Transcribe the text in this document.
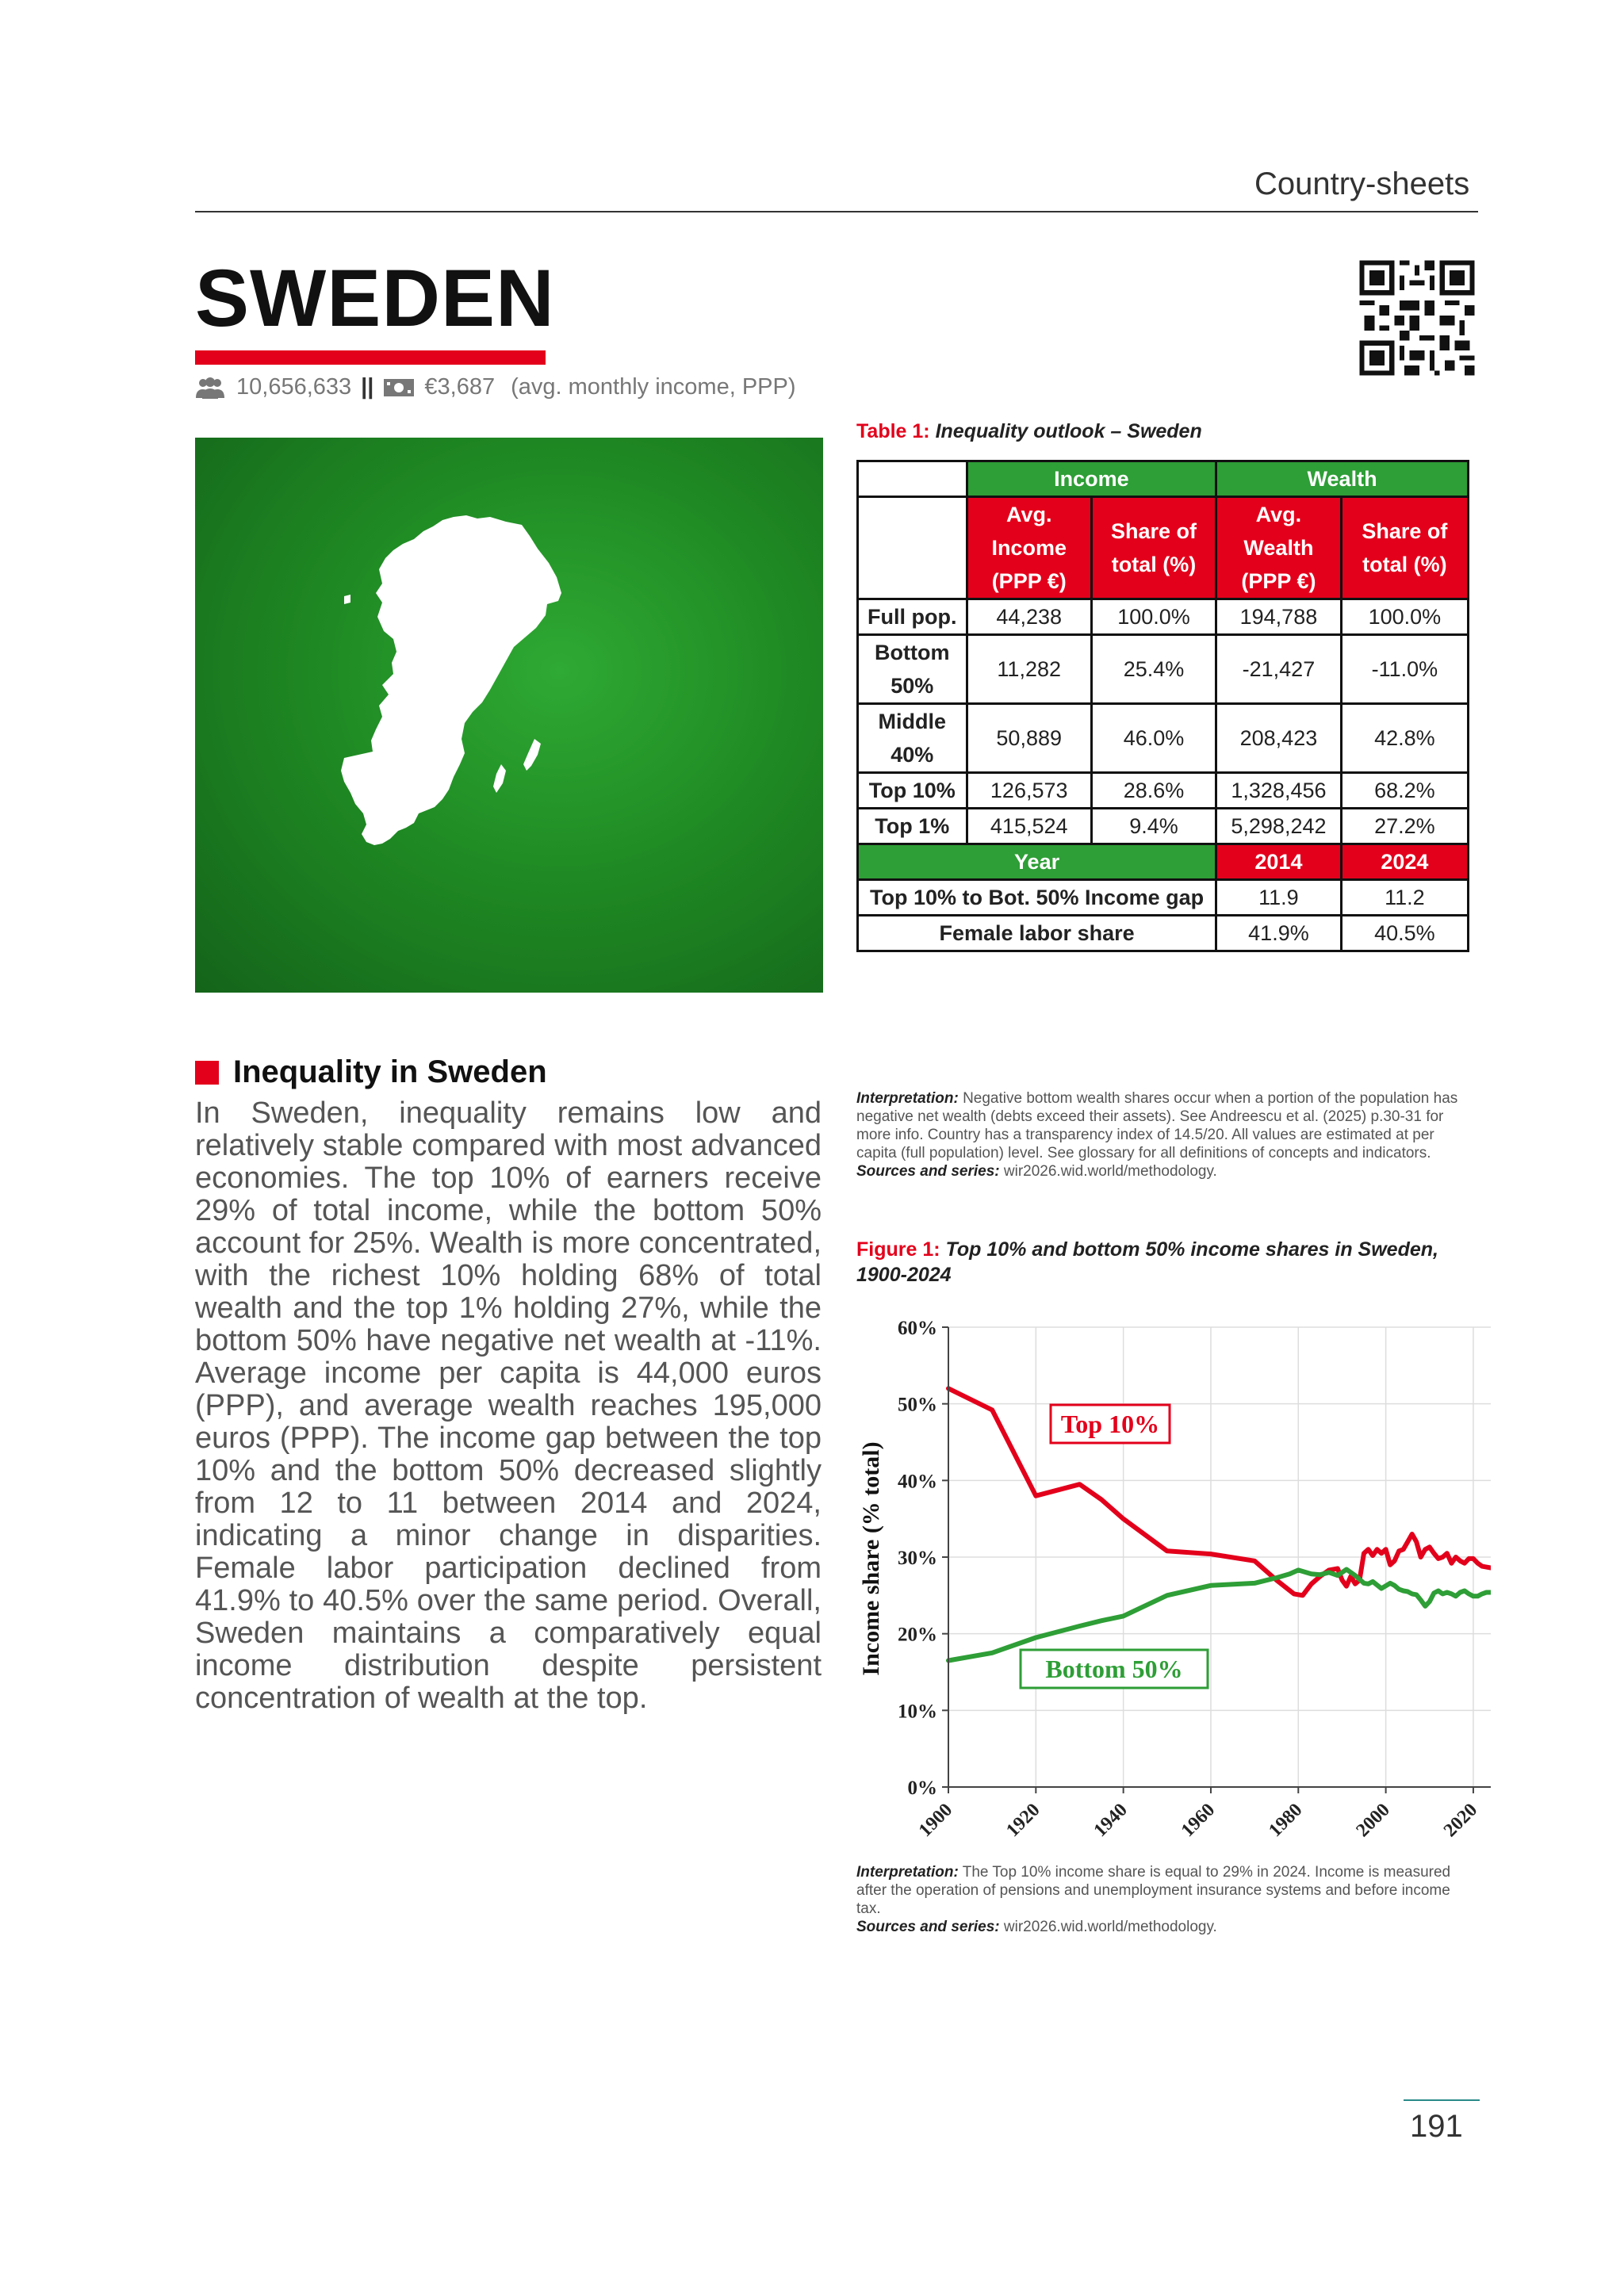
Country-sheets
SWEDEN
10,656,633 || €3,687 (avg. monthly income, PPP)
Inequality in Sweden
In Sweden, inequality remains low and relatively stable compared with most advanced economies. The top 10% of earners receive 29% of total income, while the bottom 50% account for 25%. Wealth is more concentrated, with the richest 10% holding 68% of total wealth and the top 1% holding 27%, while the bottom 50% have negative net wealth at -11%. Average income per capita is 44,000 euros (PPP), and average wealth reaches 195,000 euros (PPP). The income gap between the top 10% and the bottom 50% decreased slightly from 12 to 11 between 2014 and 2024, indicating a minor change in disparities. Female labor participation declined from 41.9% to 40.5% over the same period. Overall, Sweden maintains a comparatively equal income distribution despite persistent concentration of wealth at the top.
Table 1: Inequality outlook – Sweden
	Income		Wealth	
	Avg. Income (PPP €)	Share of total (%)	Avg. Wealth (PPP €)	Share of total (%)
Full pop.	44,238	100.0%	194,788	100.0%
Bottom 50%	11,282	25.4%	-21,427	-11.0%
Middle 40%	50,889	46.0%	208,423	42.8%
Top 10%	126,573	28.6%	1,328,456	68.2%
Top 1%	415,524	9.4%	5,298,242	27.2%
Year			2014	2024
Top 10% to Bot. 50% Income gap			11.9	11.2
Female labor share			41.9%	40.5%
Interpretation: Negative bottom wealth shares occur when a portion of the population has negative net wealth (debts exceed their assets). See Andreescu et al. (2025) p.30-31 for more info. Country has a transparency index of 14.5/20. All values are estimated at per capita (full population) level. See glossary for all definitions of concepts and indicators.
Sources and series: wir2026.wid.world/methodology.
Figure 1: Top 10% and bottom 50% income shares in Sweden,
1900-2024
0%
10%
20%
30%
40%
50%
60%
1900 1920 1940 1960 1980 2000 2020
Income share (% total)
Top 10%
Bottom 50%
Interpretation: The Top 10% income share is equal to 29% in 2024. Income is measured after the operation of pensions and unemployment insurance systems and before income tax.
Sources and series: wir2026.wid.world/methodology.
191
